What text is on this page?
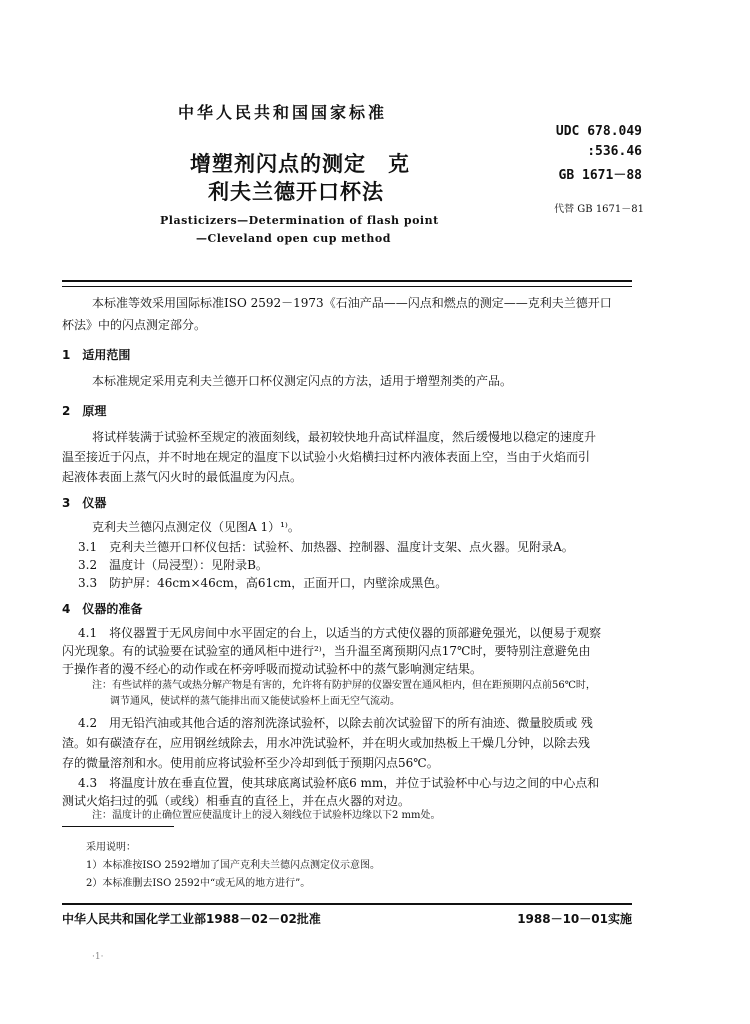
中华人民共和国国家标准
UDC 678.049
:536.46
GB 1671－88
代替 GB 1671－81
增塑剂闪点的测定　克
利夫兰德开口杯法
Plasticizers—Determination of flash point
—Cleveland open cup method
本标准等效采用国际标准ISO 2592－1973《石油产品——闪点和燃点的测定——克利夫兰德开口
杯法》中的闪点测定部分。
1　适用范围
本标准规定采用克利夫兰德开口杯仪测定闪点的方法，适用于增塑剂类的产品。
2　原理
将试样装满于试验杯至规定的液面刻线，最初较快地升高试样温度，然后缓慢地以稳定的速度升
温至接近于闪点，并不时地在规定的温度下以试验小火焰横扫过杯内液体表面上空，当由于火焰而引
起液体表面上蒸气闪火时的最低温度为闪点。
3　仪器
克利夫兰德闪点测定仪（见图A 1）¹⁾。
3.1　克利夫兰德开口杯仪包括：试验杯、加热器、控制器、温度计支架、点火器。见附录A。
3.2　温度计（局浸型）：见附录B。
3.3　防护屏：46cm×46cm，高61cm，正面开口，内壁涂成黑色。
4　仪器的准备
4.1　将仪器置于无风房间中水平固定的台上，以适当的方式使仪器的顶部避免强光，以便易于观察
闪光现象。有的试验要在试验室的通风柜中进行²⁾，当升温至离预期闪点17℃时，要特别注意避免由
于操作者的漫不经心的动作或在杯旁呼吸而搅动试验杯中的蒸气影响测定结果。
注：有些试样的蒸气或热分解产物是有害的，允许将有防护屏的仪器安置在通风柜内，但在距预期闪点前56℃时，
调节通风，使试样的蒸气能排出而又能使试验杯上面无空气流动。
4.2　用无铅汽油或其他合适的溶剂洗涤试验杯，以除去前次试验留下的所有油迹、微量胶质或 残
渣。如有碳渣存在，应用钢丝绒除去，用水冲洗试验杯，并在明火或加热板上干燥几分钟，以除去残
存的微量溶剂和水。使用前应将试验杯至少冷却到低于预期闪点56℃。
4.3　将温度计放在垂直位置，使其球底离试验杯底6 mm，并位于试验杯中心与边之间的中心点和
测试火焰扫过的弧（或线）相垂直的直径上，并在点火器的对边。
注：温度计的止确位置应使温度计上的浸入刻线位于试验杯边缘以下2 mm处。
采用说明：
1）本标准按ISO 2592增加了国产克利夫兰德闪点测定仪示意图。
2）本标准删去ISO 2592中“或无风的地方进行”。
中华人民共和国化学工业部1988－02－02批准	1988－10－01实施
·1·
